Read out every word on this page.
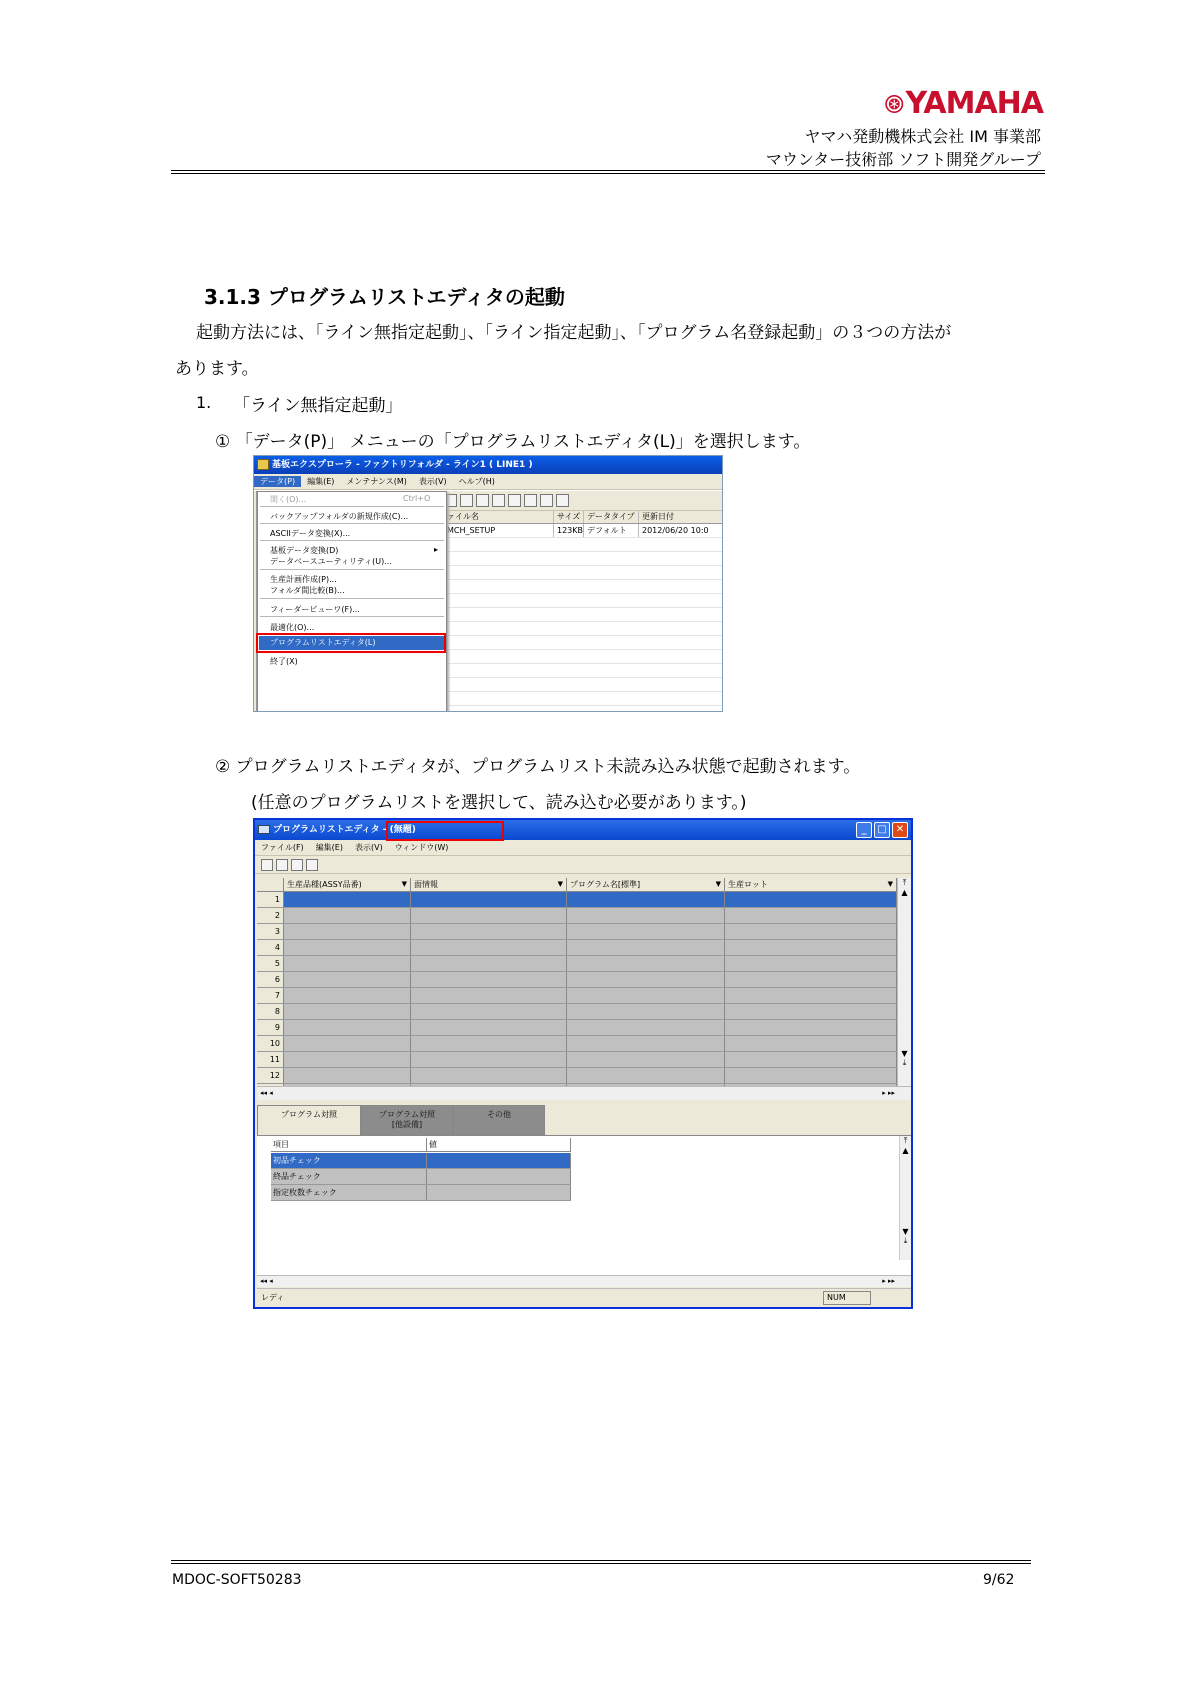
YAMAHA
ヤマハ発動機株式会社 IM 事業部
マウンター技術部 ソフト開発グループ
3.1.3 プログラムリストエディタの起動
起動方法には、「ライン無指定起動」、「ライン指定起動」、「プログラム名登録起動」の３つの方法が
あります。
1. 「ライン無指定起動」
① 「データ(P)」 メニューの「プログラムリストエディタ(L)」を選択します。
基板エクスプローラ - ファクトリフォルダ - ライン1 ( LINE1 )
データ(P)	編集(E)	メンテナンス(M)	表示(V)	ヘルプ(H)
ァイル名	サイズ データタイプ 更新日付
MCH_SETUP	123KB デフォルト	2012/06/20 10:0
開く(O)...	Ctrl+O
バックアップフォルダの新規作成(C)...
ASCIIデータ変換(X)...
基板データ変換(D)	▸
データベースユーティリティ(U)...
生産計画作成(P)...
フォルダ間比較(B)...
フィーダービューワ(F)...
最適化(O)...
プログラムリストエディタ(L)
終了(X)
② プログラムリストエディタが、プログラムリスト未読み込み状態で起動されます。
(任意のプログラムリストを選択して、読み込む必要があります。)
プログラムリストエディタ - (無題)	_	□ ✕
ファイル(F)	編集(E)	表示(V)	ウィンドウ(W)
生産品種(ASSY品番)	▼ 面情報	▼ プログラム名[標準]	▼ 生産ロット	▼
1
2
3
4
5
6
7
8
9
10
11
12
⤒
▲
▼
⤓
◂◂ ◂	▸ ▸▸
プログラム対照	プログラム対照
[他設備]
その他
項目	値
初品チェック
終品チェック
指定枚数チェック
⤒
▲
▼
⤓
◂◂ ◂	▸ ▸▸
レディ	NUM
MDOC-SOFT50283	9/62
